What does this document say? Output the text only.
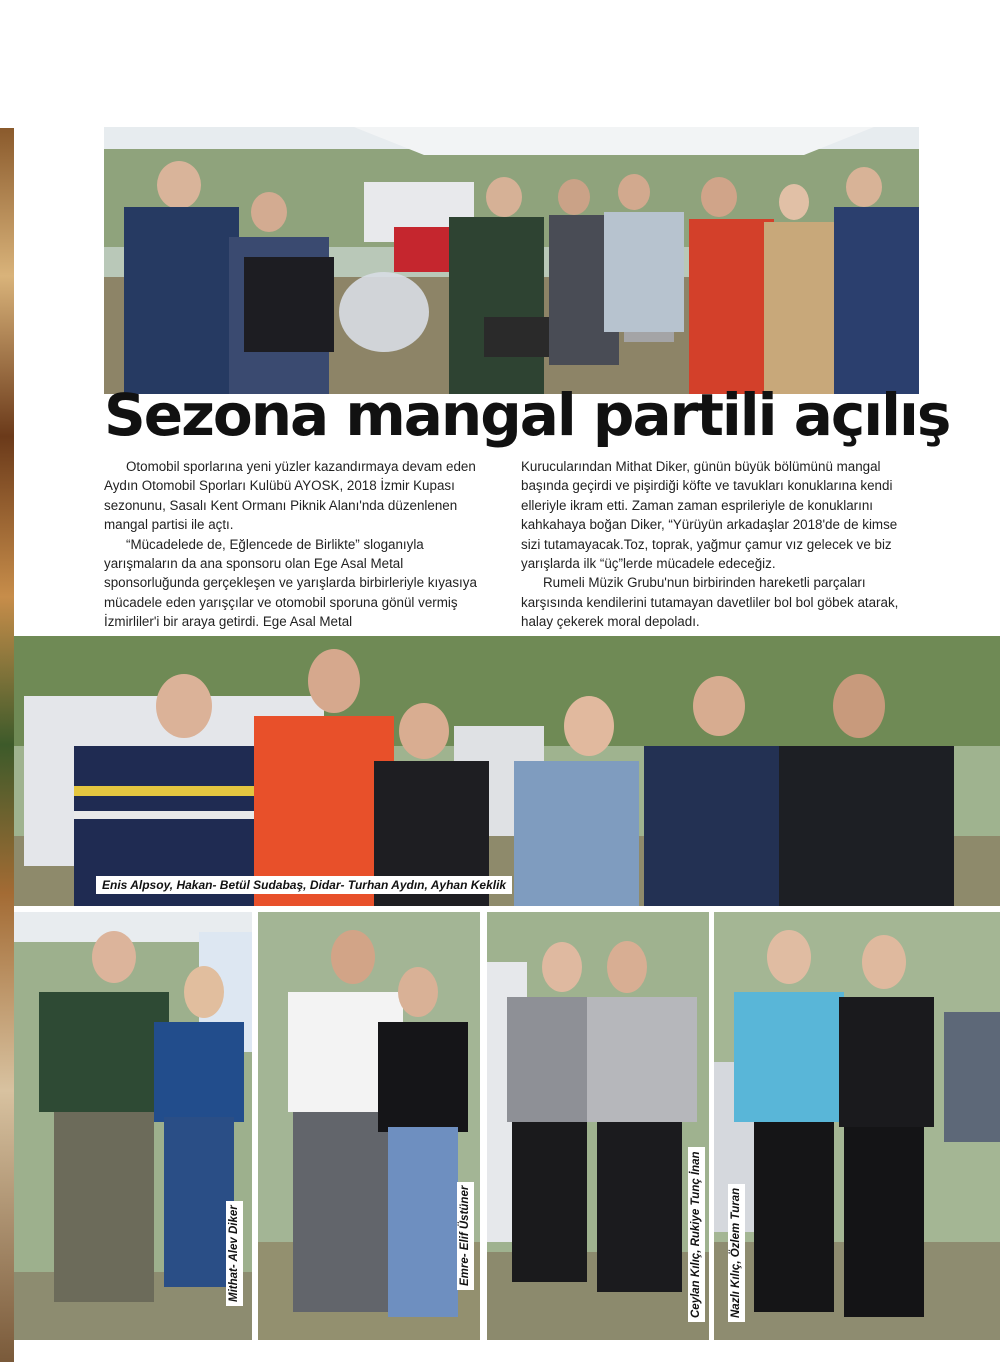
Sezona mangal partili açılış

Otomobil sporlarına yeni yüzler kazandırmaya devam eden Aydın Otomobil Sporları Kulübü AYOSK, 2018 İzmir Kupası sezonunu, Sasalı Kent Ormanı Piknik Alanı'nda düzenlenen mangal partisi ile açtı.

“Mücadelede de, Eğlencede de Birlikte” sloganıyla yarışmaların da ana sponsoru olan Ege Asal Metal sponsorluğunda gerçekleşen ve yarışlarda birbirleriyle kıyasıya mücadele eden yarışçılar ve otomobil sporuna gönül vermiş İzmirliler'i bir araya getirdi. Ege Asal Metal

Kurucularından Mithat Diker, günün büyük bölümünü mangal başında geçirdi ve pişirdiği köfte ve tavukları konuklarına kendi elleriyle ikram etti. Zaman zaman esprileriyle de konuklarını kahkahaya boğan Diker, “Yürüyün arkadaşlar 2018'de de kimse sizi tutamayacak.Toz, toprak, yağmur çamur vız gelecek ve biz yarışlarda ilk “üç”lerde mücadele edeceğiz.

Rumeli Müzik Grubu'nun birbirinden hareketli parçaları karşısında kendilerini tutamayan davetliler bol bol göbek atarak, halay çekerek moral depoladı.

Enis Alpsoy, Hakan- Betül Sudabaş, Didar- Turhan Aydın, Ayhan Keklik
Mithat- Alev Diker	Emre- Elif Üstüner	Ceylan Kılıç, Rukiye Tunç İnan Nazlı Kılıç, Özlem Turan
